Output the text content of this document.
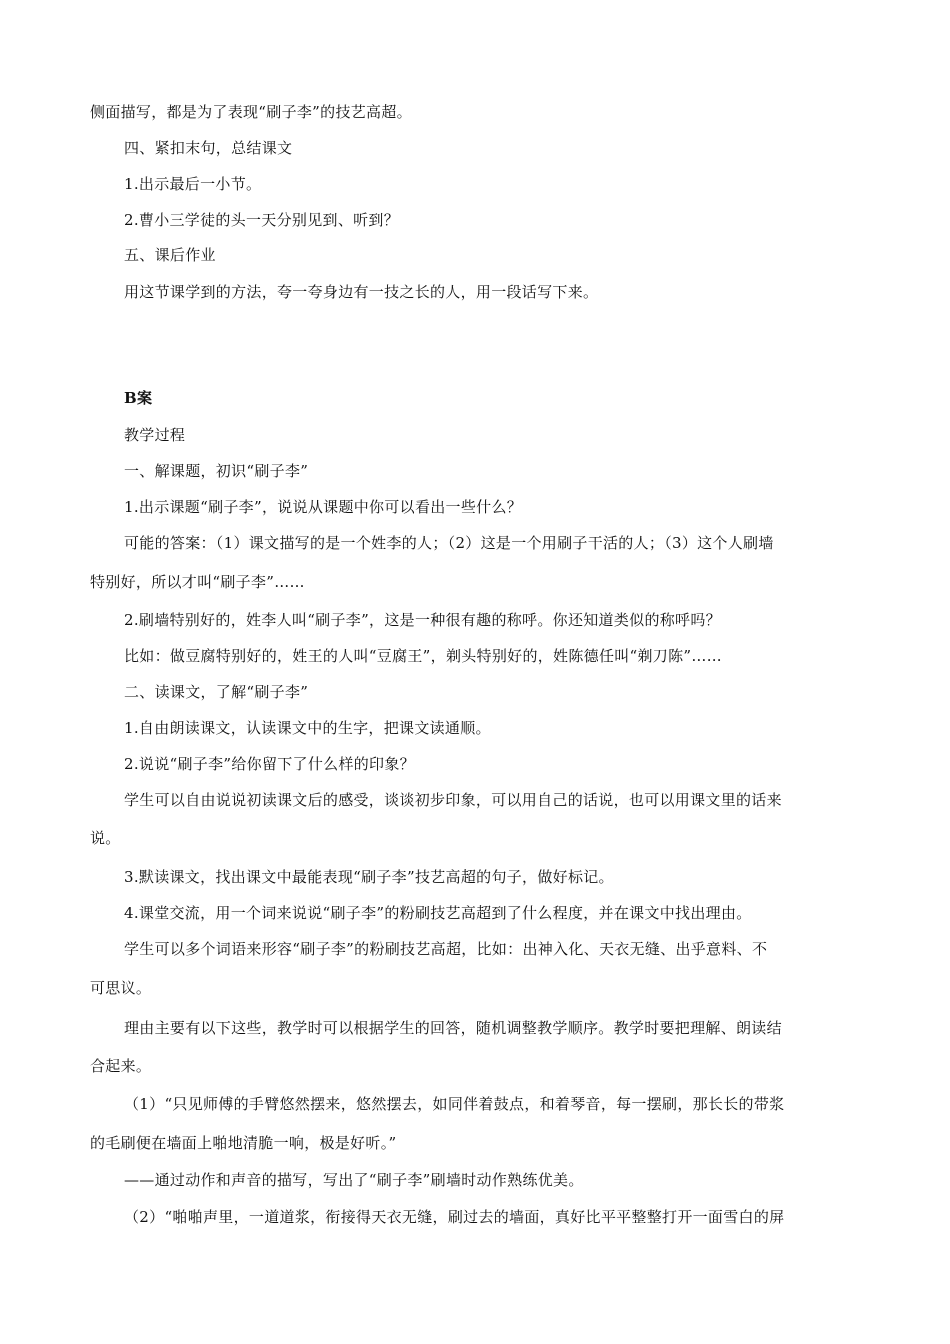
侧面描写，都是为了表现“刷子李”的技艺高超。
四、紧扣末句，总结课文
1.出示最后一小节。
2.曹小三学徒的头一天分别见到、听到？
五、课后作业
用这节课学到的方法，夸一夸身边有一技之长的人，用一段话写下来。
B案
教学过程
一、解课题，初识“刷子李”
1.出示课题“刷子李”，说说从课题中你可以看出一些什么？
可能的答案：（1）课文描写的是一个姓李的人；（2）这是一个用刷子干活的人；（3）这个人刷墙
特别好，所以才叫“刷子李”……
2.刷墙特别好的，姓李人叫“刷子李”，这是一种很有趣的称呼。你还知道类似的称呼吗？
比如：做豆腐特别好的，姓王的人叫“豆腐王”，剃头特别好的，姓陈德任叫“剃刀陈”……
二、读课文，了解“刷子李”
1.自由朗读课文，认读课文中的生字，把课文读通顺。
2.说说“刷子李”给你留下了什么样的印象？
学生可以自由说说初读课文后的感受，谈谈初步印象，可以用自己的话说，也可以用课文里的话来
说。
3.默读课文，找出课文中最能表现“刷子李”技艺高超的句子，做好标记。
4.课堂交流，用一个词来说说“刷子李”的粉刷技艺高超到了什么程度，并在课文中找出理由。
学生可以多个词语来形容“刷子李”的粉刷技艺高超，比如：出神入化、天衣无缝、出乎意料、不
可思议。
理由主要有以下这些，教学时可以根据学生的回答，随机调整教学顺序。教学时要把理解、朗读结
合起来。
（1）“只见师傅的手臂悠然摆来，悠然摆去，如同伴着鼓点，和着琴音，每一摆刷，那长长的带浆
的毛刷便在墙面上啪地清脆一响，极是好听。”
——通过动作和声音的描写，写出了“刷子李”刷墙时动作熟练优美。
（2）“啪啪声里，一道道浆，衔接得天衣无缝，刷过去的墙面，真好比平平整整打开一面雪白的屏
